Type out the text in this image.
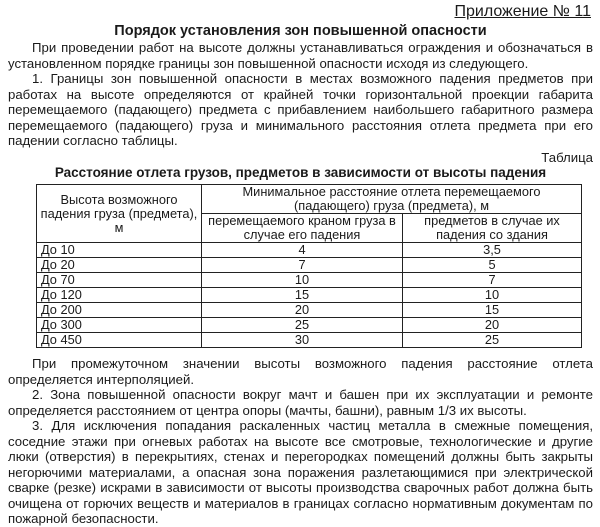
Приложение № 11
Порядок установления зон повышенной опасности

При проведении работ на высоте должны устанавливаться ограждения и обозначаться в установленном порядке границы зон повышенной опасности исходя из следующего.

1. Границы зон повышенной опасности в местах возможного падения предметов при работах на высоте определяются от крайней точки горизонтальной проекции габарита перемещаемого (падающего) предмета с прибавлением наибольшего габаритного размера перемещаемого (падающего) груза и минимального расстояния отлета предмета при его падении согласно таблицы.

Таблица
Расстояние отлета грузов, предметов в зависимости от высоты падения
Высота возможного падения груза (предмета), м	Минимальное расстояние отлета перемещаемого (падающего) груза (предмета), м	
	перемещаемого краном груза в случае его падения	предметов в случае их падения со здания
До 10	4	3,5
До 20	7	5
До 70	10	7
До 120	15	10
До 200	20	15
До 300	25	20
До 450	30	25

При промежуточном значении высоты возможного падения расстояние отлета определяется интерполяцией.

2. Зона повышенной опасности вокруг мачт и башен при их эксплуатации и ремонте определяется расстоянием от центра опоры (мачты, башни), равным 1/3 их высоты.

3. Для исключения попадания раскаленных частиц металла в смежные помещения, соседние этажи при огневых работах на высоте все смотровые, технологические и другие люки (отверстия) в перекрытиях, стенах и перегородках помещений должны быть закрыты негорючими материалами, а опасная зона поражения разлетающимися при электрической сварке (резке) искрами в зависимости от высоты производства сварочных работ должна быть очищена от горючих веществ и материалов в границах согласно нормативным документам по пожарной безопасности.
